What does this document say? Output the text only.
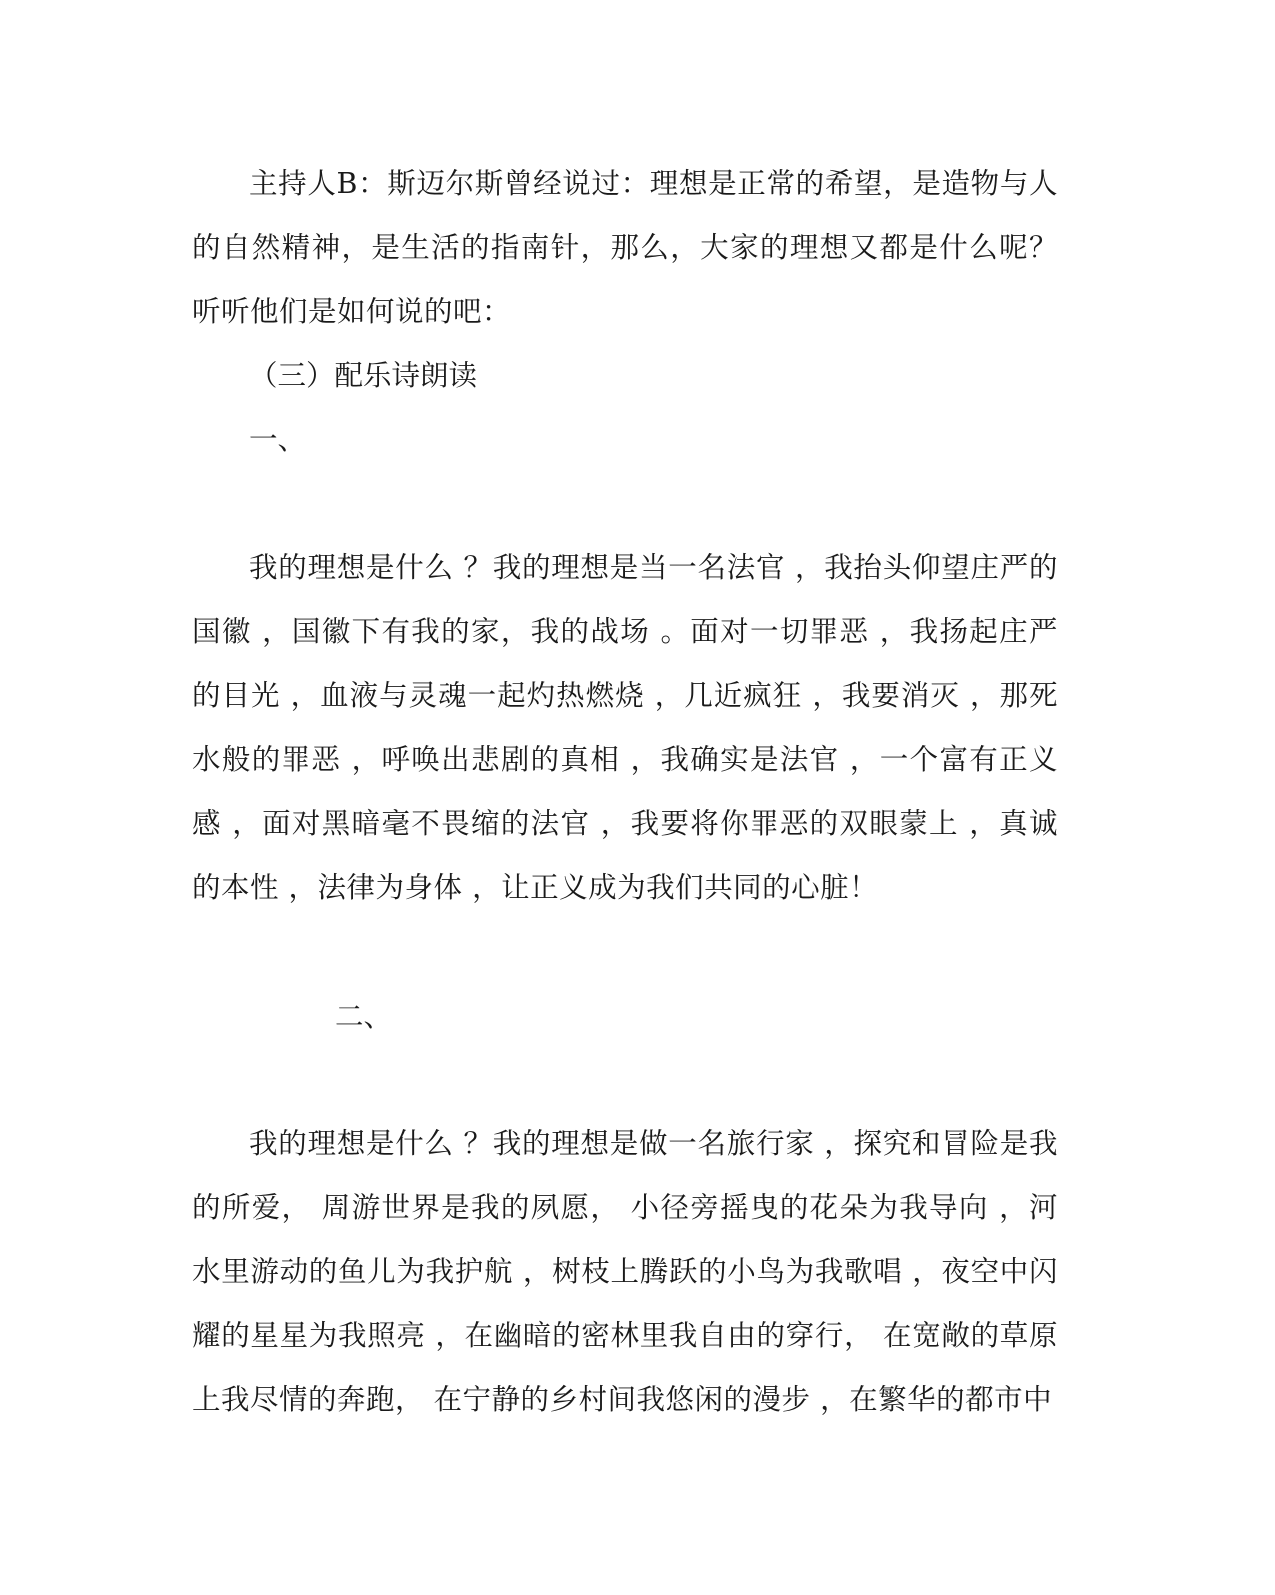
主持人B：斯迈尔斯曾经说过：理想是正常的希望，是造物与人的自然精神，是生活的指南针，那么，大家的理想又都是什么呢？听听他们是如何说的吧：

（三）配乐诗朗读
一、

我的理想是什么 ？我的理想是当一名法官 ，我抬头仰望庄严的国徽 ，国徽下有我的家，我的战场 。面对一切罪恶 ，我扬起庄严的目光 ，血液与灵魂一起灼热燃烧 ，几近疯狂 ，我要消灭 ，那死水般的罪恶 ，呼唤出悲剧的真相 ，我确实是法官 ，一个富有正义感 ，面对黑暗毫不畏缩的法官 ，我要将你罪恶的双眼蒙上 ，真诚的本性 ，法律为身体 ，让正义成为我们共同的心脏！

二、

我的理想是什么 ？我的理想是做一名旅行家 ，探究和冒险是我的所爱， 周游世界是我的夙愿， 小径旁摇曳的花朵为我导向 ，河水里游动的鱼儿为我护航 ，树枝上腾跃的小鸟为我歌唱 ，夜空中闪耀的星星为我照亮 ，在幽暗的密林里我自由的穿行， 在宽敞的草原上我尽情的奔跑， 在宁静的乡村间我悠闲的漫步 ，在繁华的都市中
